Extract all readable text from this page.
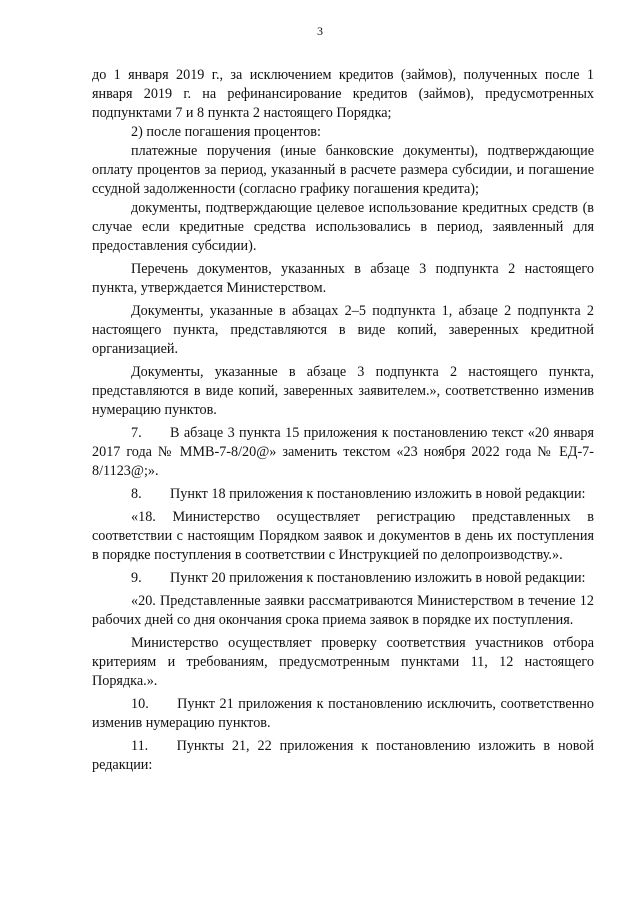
3

до 1 января 2019 г., за исключением кредитов (займов), полученных после 1 января 2019 г. на рефинансирование кредитов (займов), предусмотренных подпунктами 7 и 8 пункта 2 настоящего Порядка;

2) после погашения процентов:

платежные поручения (иные банковские документы), подтверждающие оплату процентов за период, указанный в расчете размера субсидии, и погашение ссудной задолженности (согласно графику погашения кредита);

документы, подтверждающие целевое использование кредитных средств (в случае если кредитные средства использовались в период, заявленный для предоставления субсидии).

Перечень документов, указанных в абзаце 3 подпункта 2 настоящего пункта, утверждается Министерством.

Документы, указанные в абзацах 2–5 подпункта 1, абзаце 2 подпункта 2 настоящего пункта, представляются в виде копий, заверенных кредитной организацией.

Документы, указанные в абзаце 3 подпункта 2 настоящего пункта, представляются в виде копий, заверенных заявителем.», соответственно изменив нумерацию пунктов.

7.  В абзаце 3 пункта 15 приложения к постановлению текст «20 января 2017 года № ММВ-7-8/20@» заменить текстом «23 ноября 2022 года № ЕД-7-8/1123@;».

8.  Пункт 18 приложения к постановлению изложить в новой редакции:

«18. Министерство осуществляет регистрацию представленных в соответствии с настоящим Порядком заявок и документов в день их поступления в порядке поступления в соответствии с Инструкцией по делопроизводству.».

9.  Пункт 20 приложения к постановлению изложить в новой редакции:

«20. Представленные заявки рассматриваются Министерством в течение 12 рабочих дней со дня окончания срока приема заявок в порядке их поступления.

Министерство осуществляет проверку соответствия участников отбора критериям и требованиям, предусмотренным пунктами 11, 12 настоящего Порядка.».

10.  Пункт 21 приложения к постановлению исключить, соответственно изменив нумерацию пунктов.

11.  Пункты 21, 22 приложения к постановлению изложить в новой редакции:
